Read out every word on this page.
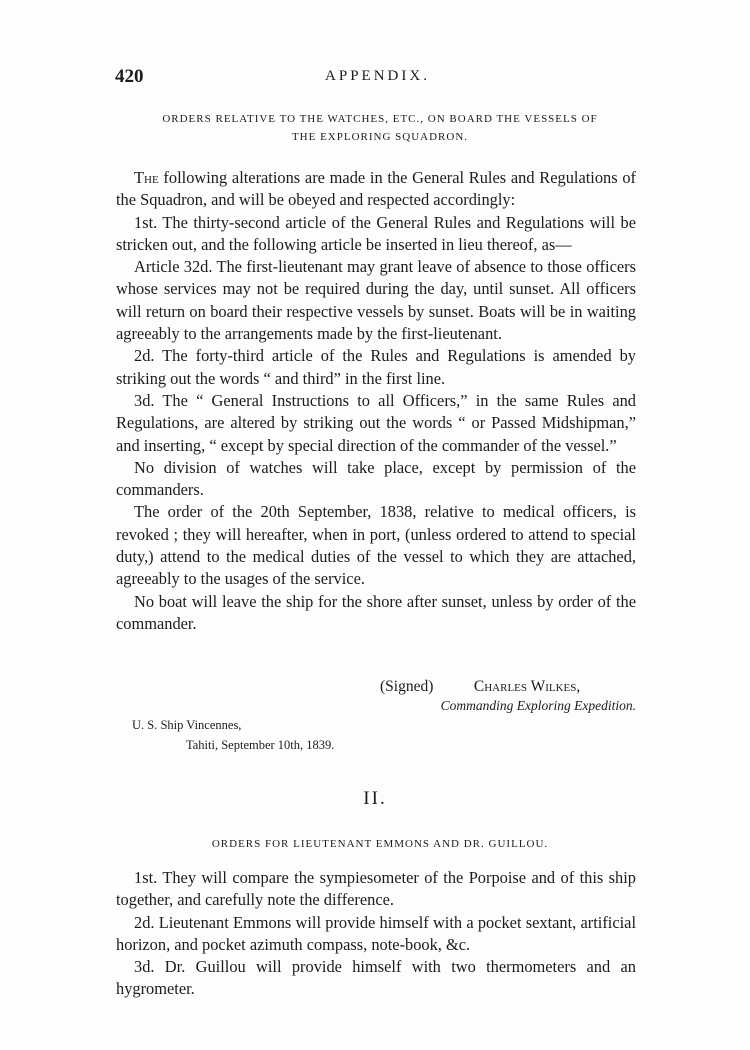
420	APPENDIX.
ORDERS RELATIVE TO THE WATCHES, ETC., ON BOARD THE VESSELS OF
THE EXPLORING SQUADRON.

The following alterations are made in the General Rules and Regulations of the Squadron, and will be obeyed and respected accordingly:

1st. The thirty-second article of the General Rules and Regulations will be stricken out, and the following article be inserted in lieu thereof, as—

Article 32d. The first-lieutenant may grant leave of absence to those officers whose services may not be required during the day, until sunset. All officers will return on board their respective vessels by sunset. Boats will be in waiting agreeably to the arrangements made by the first-lieutenant.

2d. The forty-third article of the Rules and Regulations is amended by striking out the words “ and third” in the first line.

3d. The “ General Instructions to all Officers,” in the same Rules and Regulations, are altered by striking out the words “ or Passed Midshipman,” and inserting, “ except by special direction of the commander of the vessel.”

No division of watches will take place, except by permission of the commanders.

The order of the 20th September, 1838, relative to medical officers, is revoked ; they will hereafter, when in port, (unless ordered to attend to special duty,) attend to the medical duties of the vessel to which they are attached, agreeably to the usages of the service.

No boat will leave the ship for the shore after sunset, unless by order of the commander.

(Signed)	Charles Wilkes,
Commanding Exploring Expedition.
U. S. Ship Vincennes,
Tahiti, September 10th, 1839.
II.
ORDERS FOR LIEUTENANT EMMONS AND DR. GUILLOU.

1st. They will compare the sympiesometer of the Porpoise and of this ship together, and carefully note the difference.

2d. Lieutenant Emmons will provide himself with a pocket sextant, artificial horizon, and pocket azimuth compass, note-book, &c.

3d. Dr. Guillou will provide himself with two thermometers and an hygrometer.
